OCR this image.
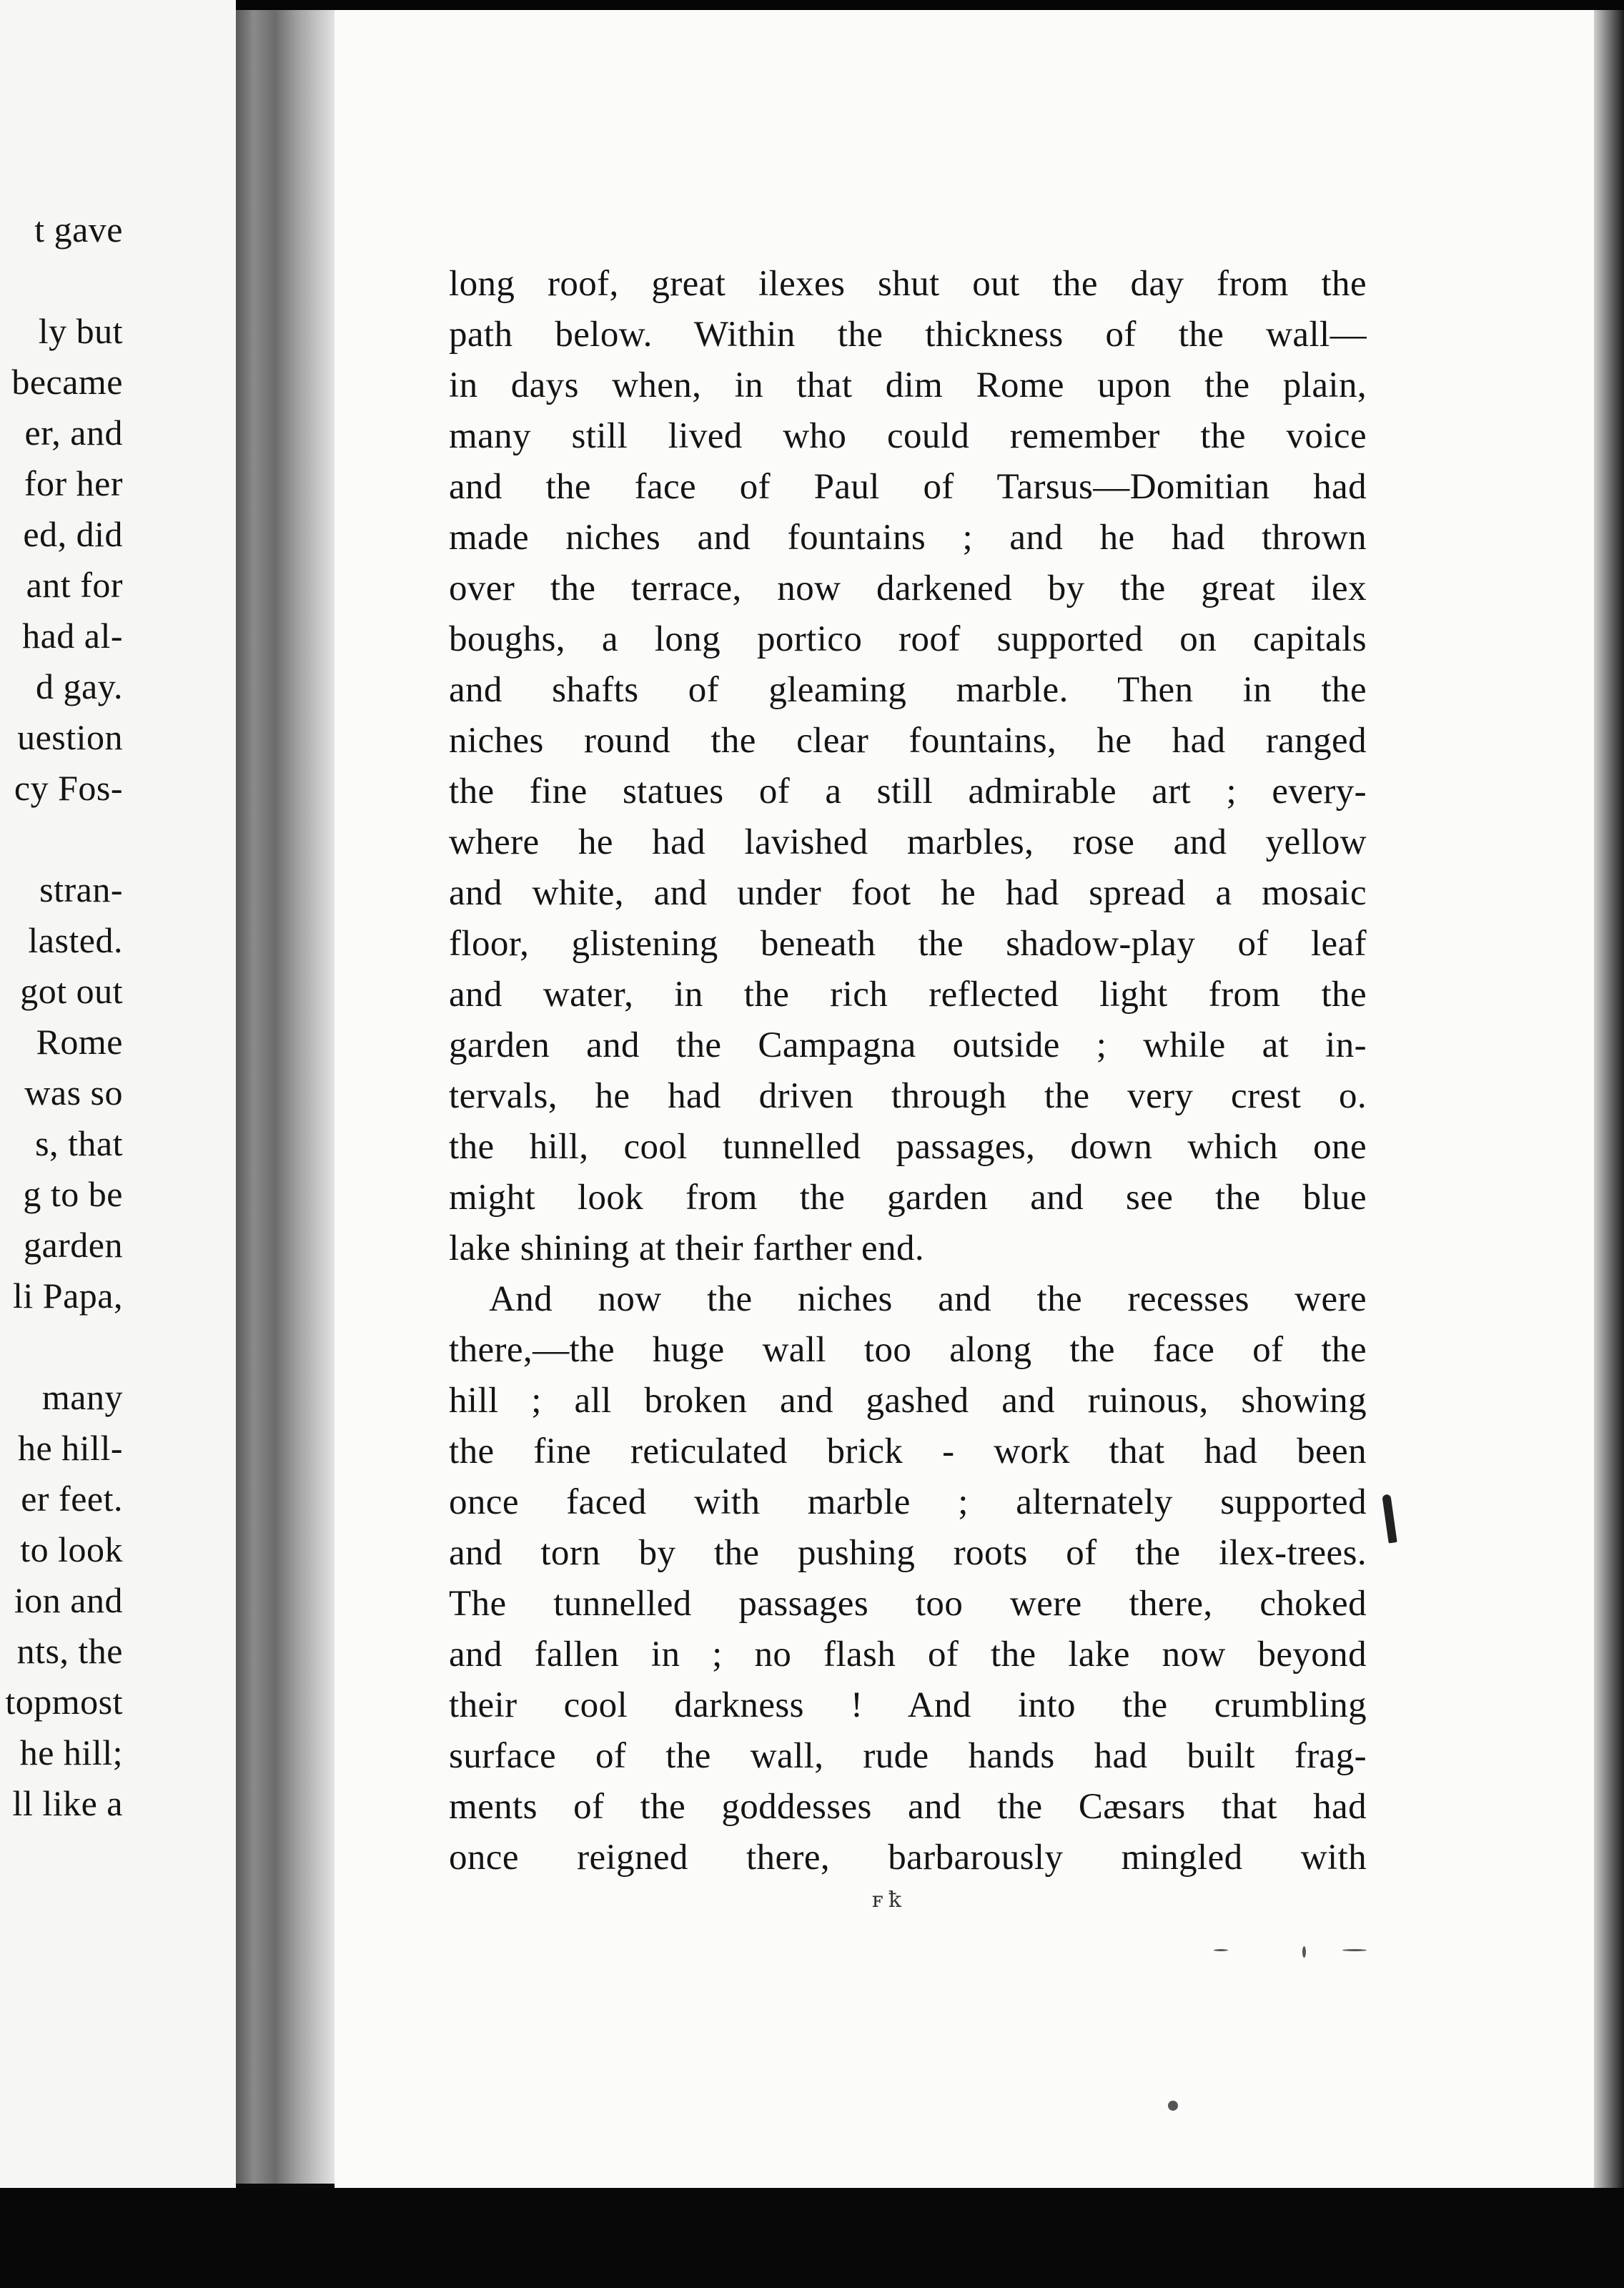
t gave
ly but
became
er, and
for her
ed, did
ant for
had al-
d gay.
uestion
cy Fos-
stran-
lasted.
got out
Rome
was so
s, that
g to be
garden
li Papa,
many
he hill-
er feet.
to look
ion and
nts, the
topmost
he hill;
ll like a
long roof, great ilexes shut out the day from the
path below. Within the thickness of the wall—
in days when, in that dim Rome upon the plain,
many still lived who could remember the voice
and the face of Paul of Tarsus—Domitian had
made niches and fountains ; and he had thrown
over the terrace, now darkened by the great ilex
boughs, a long portico roof supported on capitals
and shafts of gleaming marble. Then in the
niches round the clear fountains, he had ranged
the fine statues of a still admirable art ; every-
where he had lavished marbles, rose and yellow
and white, and under foot he had spread a mosaic
floor, glistening beneath the shadow-play of leaf
and water, in the rich reflected light from the
garden and the Campagna outside ; while at in-
tervals, he had driven through the very crest o.
the hill, cool tunnelled passages, down which one
might look from the garden and see the blue
lake shining at their farther end.
And now the niches and the recesses were
there,—the huge wall too along the face of the
hill ; all broken and gashed and ruinous, showing
the fine reticulated brick - work that had been
once faced with marble ; alternately supported
and torn by the pushing roots of the ilex-trees.
The tunnelled passages too were there, choked
and fallen in ; no flash of the lake now beyond
their cool darkness ! And into the crumbling
surface of the wall, rude hands had built frag-
ments of the goddesses and the Cæsars that had
once reigned there, barbarously mingled with
ꜰ ꝁ
